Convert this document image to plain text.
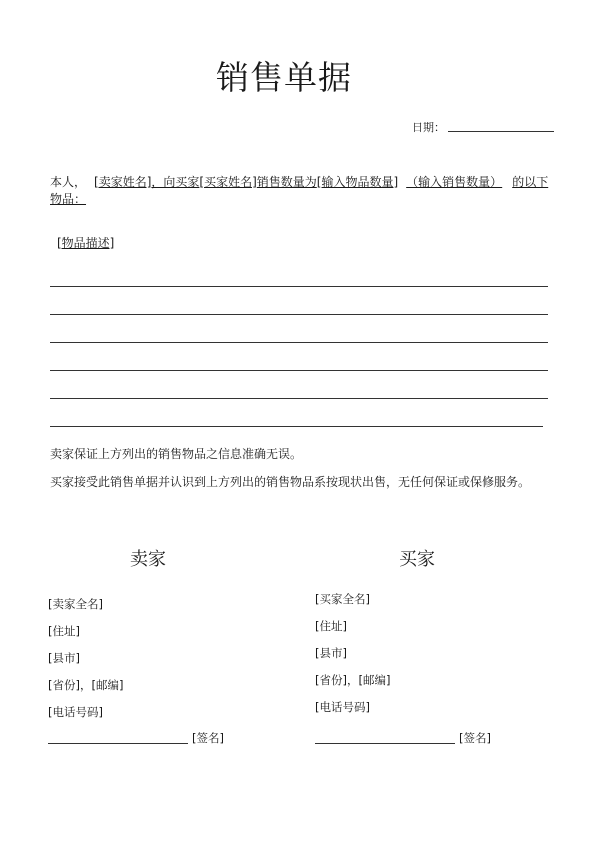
销售单据
日期：
本人， [卖家姓名]，向买家[买家姓名]销售数量为[输入物品数量] （输入销售数量） 的以下
物品：
[物品描述]
卖家保证上方列出的销售物品之信息准确无误。
买家接受此销售单据并认识到上方列出的销售物品系按现状出售，无任何保证或保修服务。
卖家
[卖家全名]
[住址]
[县市]
[省份]，[邮编]
[电话号码]
[签名]
买家
[买家全名]
[住址]
[县市]
[省份]，[邮编]
[电话号码]
[签名]
